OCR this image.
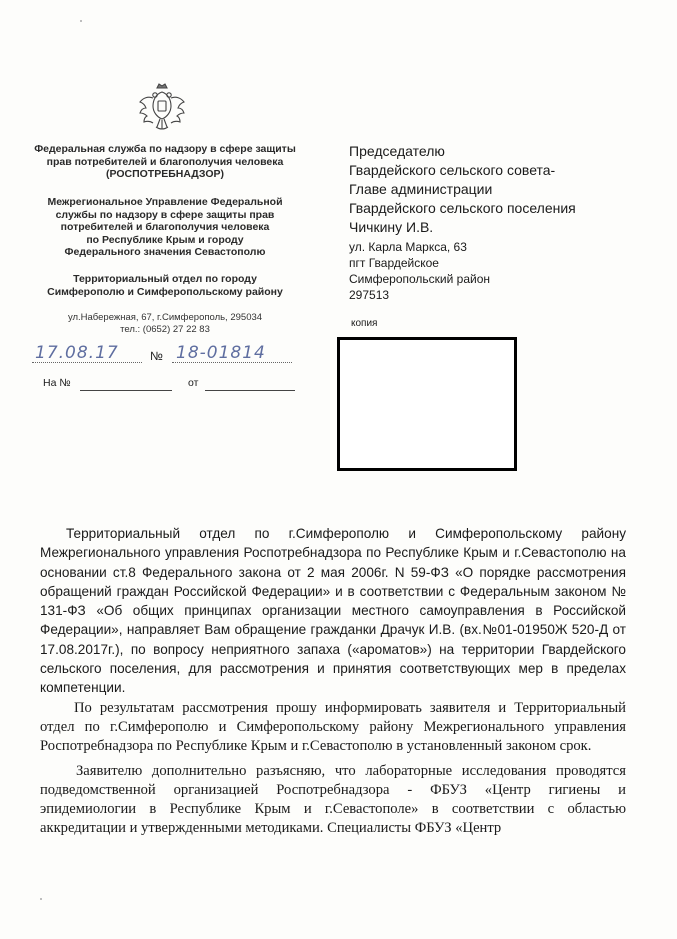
Федеральная служба по надзору в сфере защиты
прав потребителей и благополучия человека
(РОСПОТРЕБНАДЗОР)
Межрегиональное Управление Федеральной
службы по надзору в сфере защиты прав
потребителей и благополучия человека
по Республике Крым и городу
Федерального значения Севастополю
Территориальный отдел по городу
Симферополю и Симферопольскому району
ул.Набережная, 67, г.Симферополь, 295034
тел.: (0652) 27 22 83
17.08.17	№ 18-01814
На №	от
Председателю
Гвардейского сельского совета-
Главе администрации
Гвардейского сельского поселения
Чичкину И.В.
ул. Карла Маркса, 63
пгт Гвардейское
Симферопольский район
297513
копия

Территориальный отдел по г.Симферополю и Симферопольскому району Межрегионального управления Роспотребнадзора по Республике Крым и г.Севастополю на основании ст.8 Федерального закона от 2 мая 2006г. N 59-ФЗ «О порядке рассмотрения обращений граждан Российской Федерации» и в соответствии с Федеральным законом № 131-ФЗ «Об общих принципах организации местного самоуправления в Российской Федерации», направляет Вам обращение гражданки Драчук И.В. (вх.№01-01950Ж 520-Д от 17.08.2017г.), по вопросу неприятного запаха («ароматов») на территории Гвардейского сельского поселения, для рассмотрения и принятия соответствующих мер в пределах компетенции.

По результатам рассмотрения прошу информировать заявителя и Территориальный отдел по г.Симферополю и Симферопольскому району Межрегионального управления Роспотребнадзора по Республике Крым и г.Севастополю в установленный законом срок.

Заявителю дополнительно разъясняю, что лабораторные исследования проводятся подведомственной организацией Роспотребнадзора - ФБУЗ «Центр гигиены и эпидемиологии в Республике Крым и г.Севастополе» в соответствии с областью аккредитации и утвержденными методиками. Специалисты ФБУЗ «Центр
